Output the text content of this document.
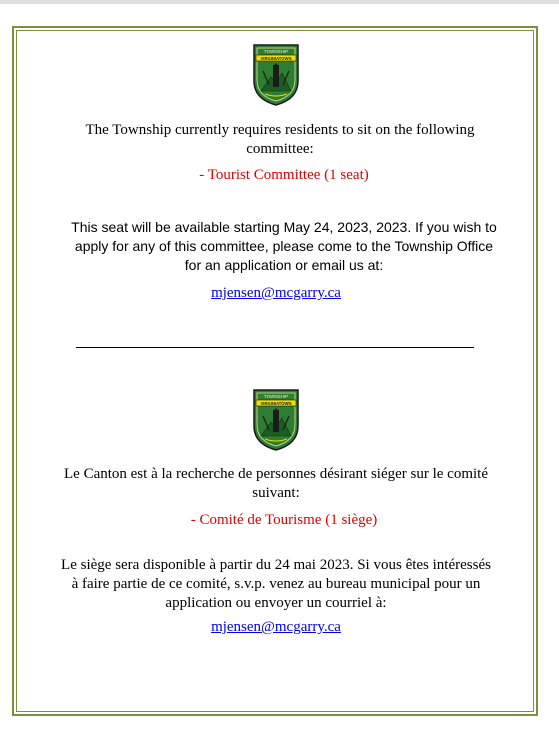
TOWNSHIP
VIRGINIATOWN

The Township currently requires residents to sit on the following committee:

- Tourist Committee (1 seat)

This seat will be available starting May 24, 2023, 2023. If you wish to apply for any of this committee, please come to the Township Office for an application or email us at:

mjensen@mcgarry.ca

TOWNSHIP
VIRGINIATOWN

Le Canton est à la recherche de personnes désirant siéger sur le comité suivant:

- Comité de Tourisme (1 siège)

Le siège sera disponible à partir du 24 mai 2023. Si vous êtes intéressés à faire partie de ce comité, s.v.p. venez au bureau municipal pour un application ou envoyer un courriel à:

mjensen@mcgarry.ca
